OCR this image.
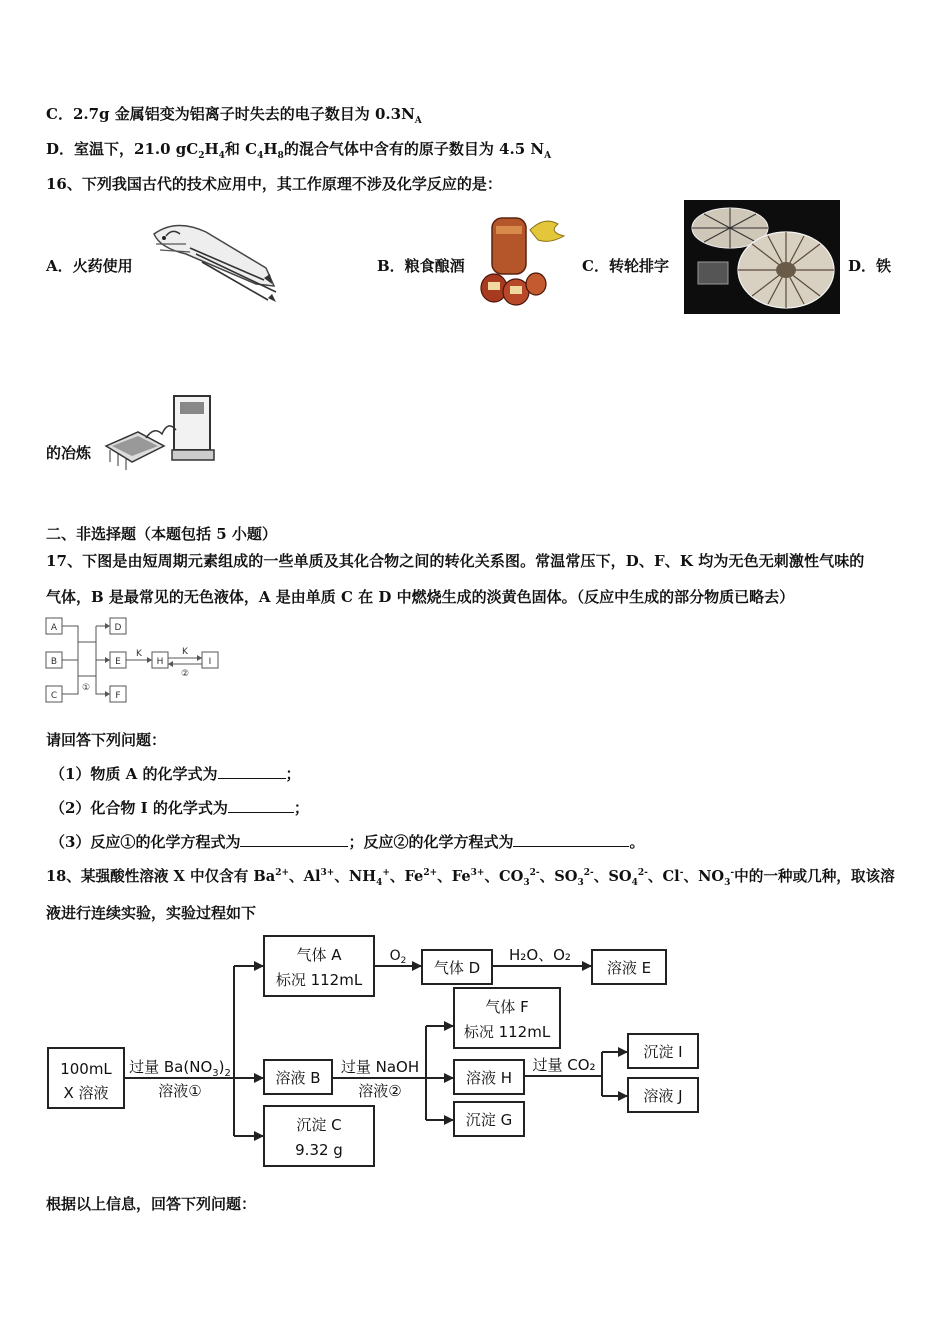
C．2.7g 金属铝变为铝离子时失去的电子数目为 $0.3N_A$
D．室温下，21.0 $gC_2H_4$和 $C_4H_8$的混合气体中含有的原子数目为 4.5 $N_A$
16、下列我国古代的技术应用中，其工作原理不涉及化学反应的是：
A．火药使用	B．粮食酿酒	C．转轮排字	D．铁
的冶炼
二、非选择题（本题包括 5 小题）
17、下图是由短周期元素组成的一些单质及其化合物之间的转化关系图。常温常压下，D、F、K 均为无色无刺激性气味的
气体，B 是最常见的无色液体，A 是由单质 C 在 D 中燃烧生成的淡黄色固体。（反应中生成的部分物质已略去）
A
B
C
D
E
F
H	I
K	K
①
②
请回答下列问题：
（1）物质 A 的化学式为	；
（2）化合物 I 的化学式为	；
（3）反应①的化学方程式为	；反应②的化学方程式为	。
18、某强酸性溶液 X 中仅含有 $Ba^{2+}$、$Al^{3+}$、$NH_4^+$、$Fe^{2+}$、$Fe^{3+}$、$CO_3^{2-}$、$SO_3^{2-}$、$SO_4^{2-}$、Cl-、$NO_3^-$中的一种或几种，取该溶
液进行连续实验，实验过程如下
100mL
X 溶液	溶液①
气体 A
标况 112mL
气体 D
H₂O、O₂
溶液 E
溶液 B
过量 NaOH
溶液②
气体 F
标况 112mL
溶液 H
沉淀 G
过量 CO₂
沉淀 I
溶液 J
沉淀 C
9.32 g
过量 $Ba(NO_3)_2$
$O_2$
根据以上信息，回答下列问题：
